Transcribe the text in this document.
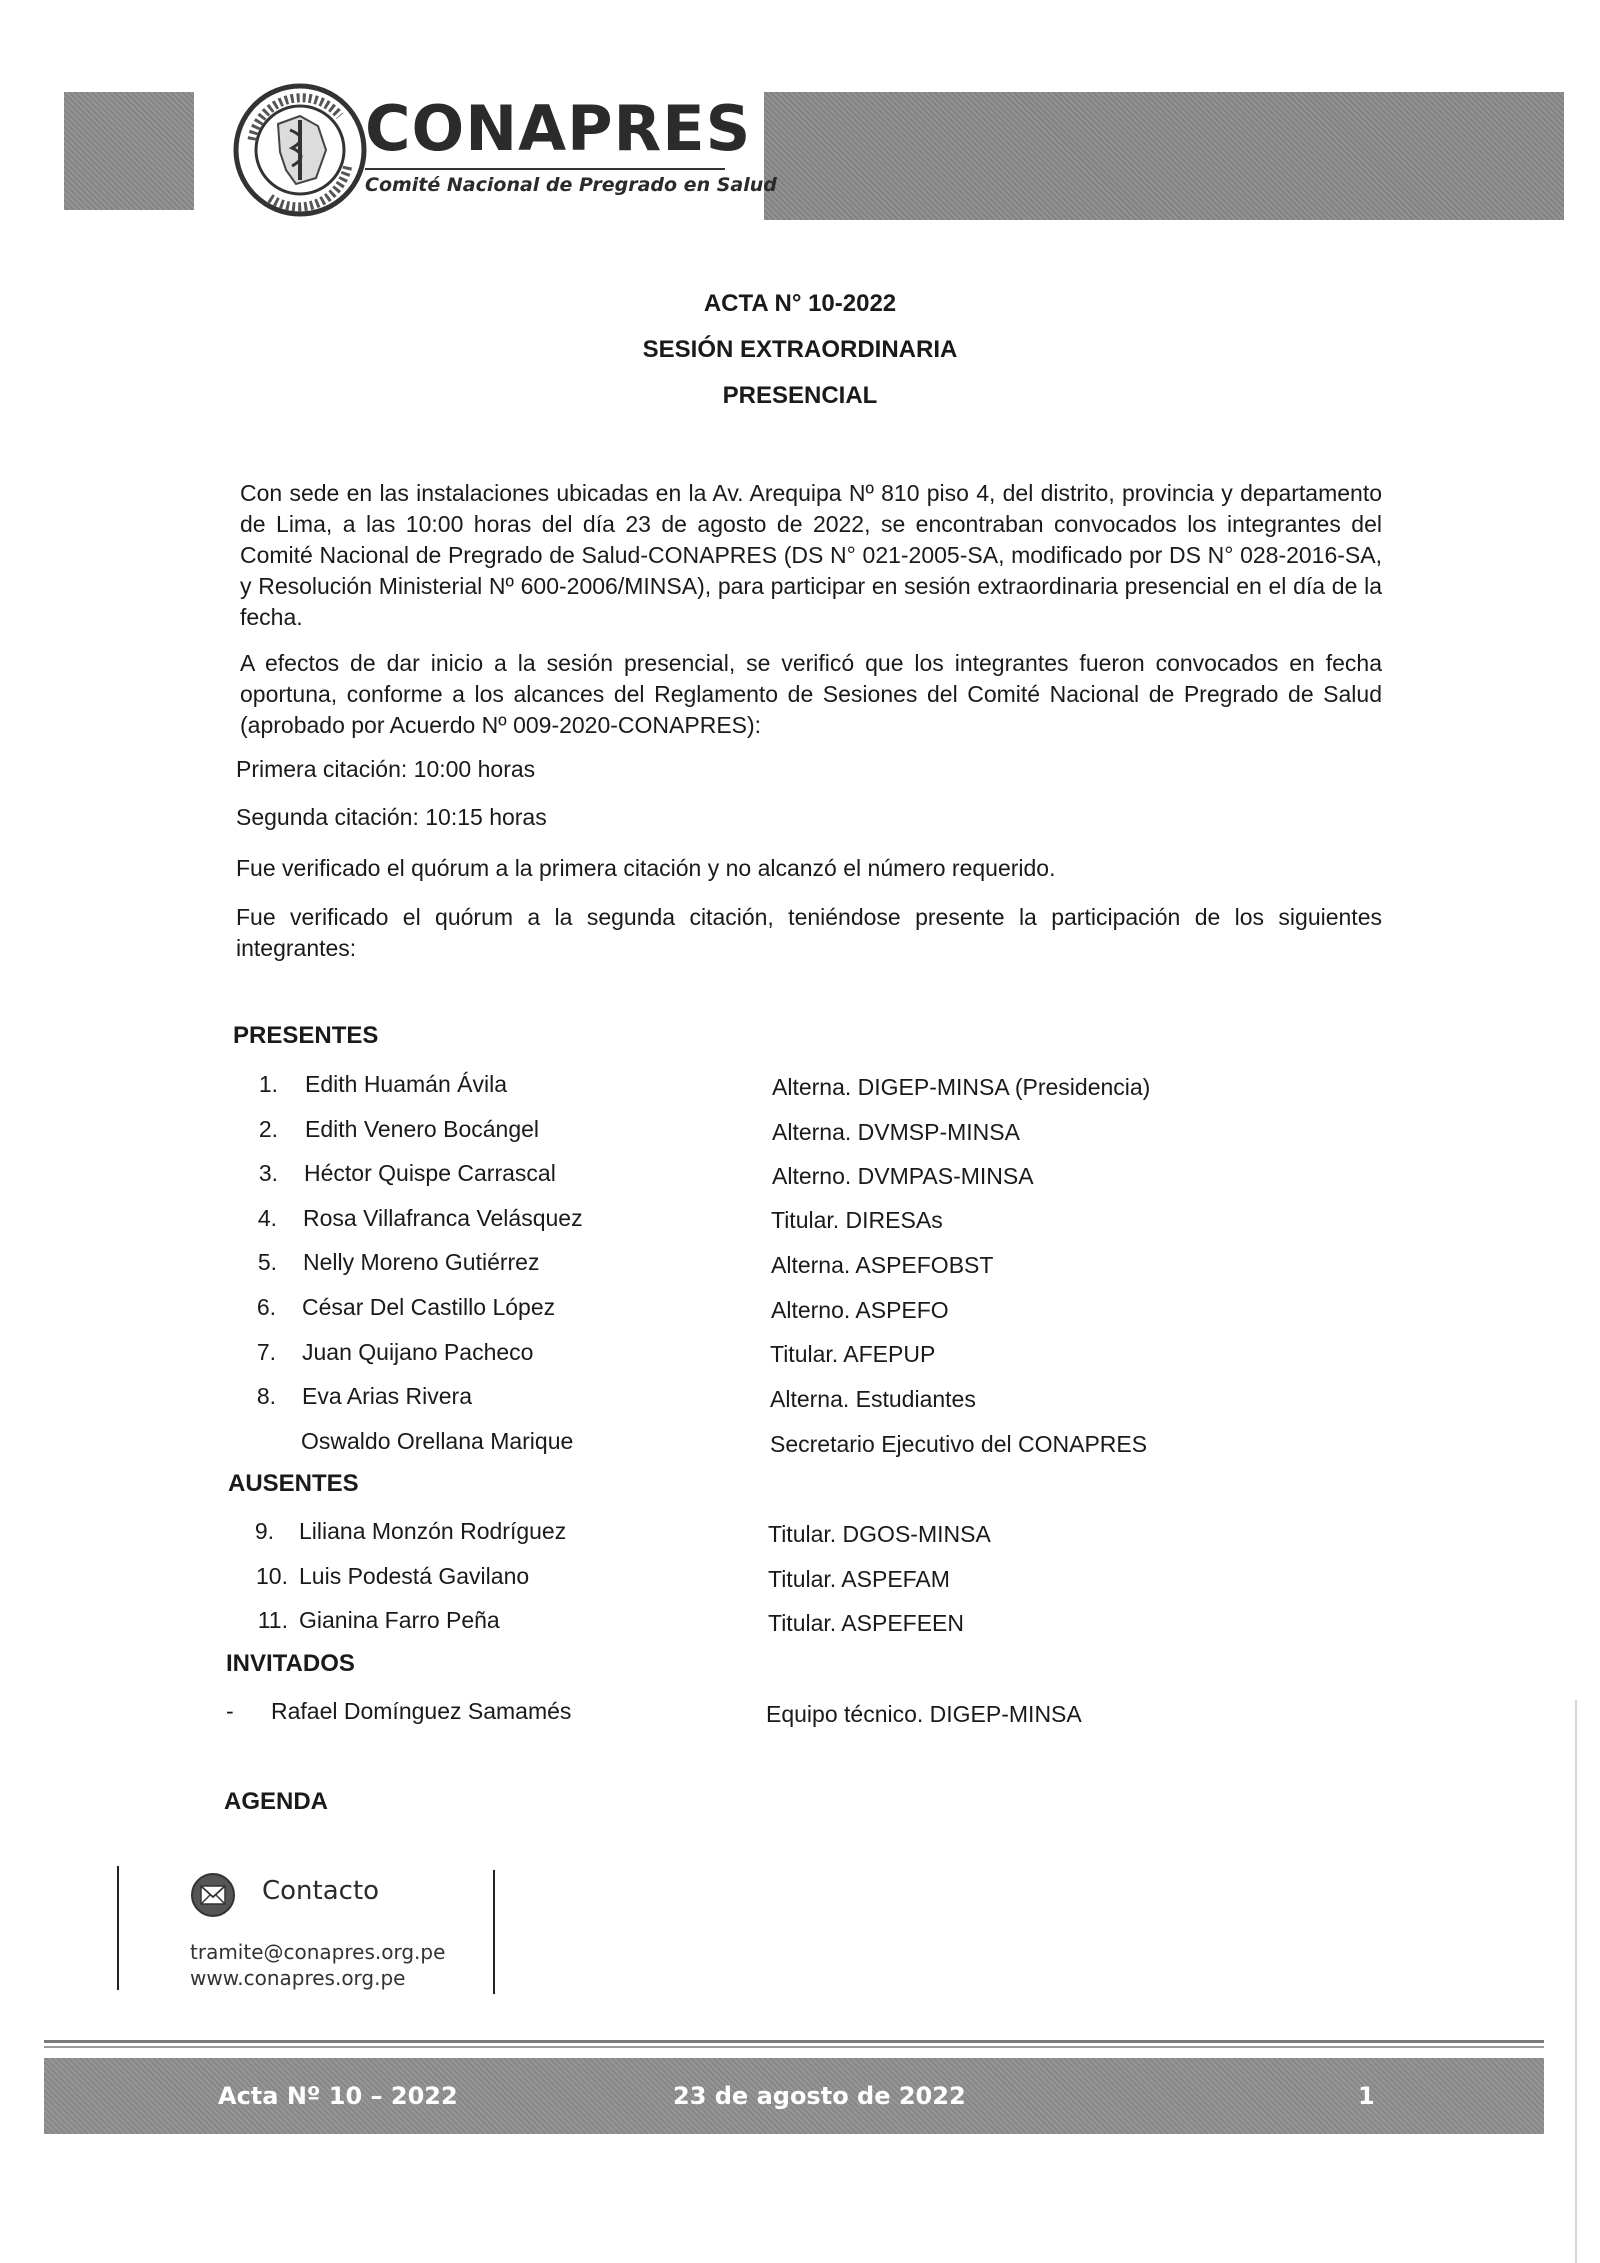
CONAPRES
Comité Nacional de Pregrado en Salud
ACTA N° 10-2022
SESIÓN EXTRAORDINARIA
PRESENCIAL
Con sede en las instalaciones ubicadas en la Av. Arequipa Nº 810 piso 4, del distrito, provincia y departamento de Lima, a las 10:00 horas del día 23 de agosto de 2022, se encontraban convocados los integrantes del Comité Nacional de Pregrado de Salud-CONAPRES (DS N° 021-2005-SA, modificado por DS N° 028-2016-SA, y Resolución Ministerial Nº 600-2006/MINSA), para participar en sesión extraordinaria presencial en el día de la fecha.
A efectos de dar inicio a la sesión presencial, se verificó que los integrantes fueron convocados en fecha oportuna, conforme a los alcances del Reglamento de Sesiones del Comité Nacional de Pregrado de Salud (aprobado por Acuerdo Nº 009-2020-CONAPRES):
Primera citación: 10:00 horas
Segunda citación: 10:15 horas
Fue verificado el quórum a la primera citación y no alcanzó el número requerido.
Fue verificado el quórum a la segunda citación, teniéndose presente la participación de los siguientes integrantes:
PRESENTES
1. Edith Huamán Ávila	Alterna. DIGEP-MINSA (Presidencia)
2. Edith Venero Bocángel	Alterna. DVMSP-MINSA
3. Héctor Quispe Carrascal	Alterno. DVMPAS-MINSA
4. Rosa Villafranca Velásquez	Titular. DIRESAs
5. Nelly Moreno Gutiérrez	Alterna. ASPEFOBST
6. César Del Castillo López	Alterno. ASPEFO
7. Juan Quijano Pacheco	Titular. AFEPUP
8. Eva Arias Rivera	Alterna. Estudiantes
Oswaldo Orellana Marique	Secretario Ejecutivo del CONAPRES
AUSENTES
9. Liliana Monzón Rodríguez	Titular. DGOS-MINSA
10. Luis Podestá Gavilano	Titular. ASPEFAM
11. Gianina Farro Peña	Titular. ASPEFEEN
INVITADOS
- Rafael Domínguez Samamés	Equipo técnico. DIGEP-MINSA
AGENDA
Contacto
tramite@conapres.org.pe
www.conapres.org.pe
Acta Nº 10 – 2022	23 de agosto de 2022	1
